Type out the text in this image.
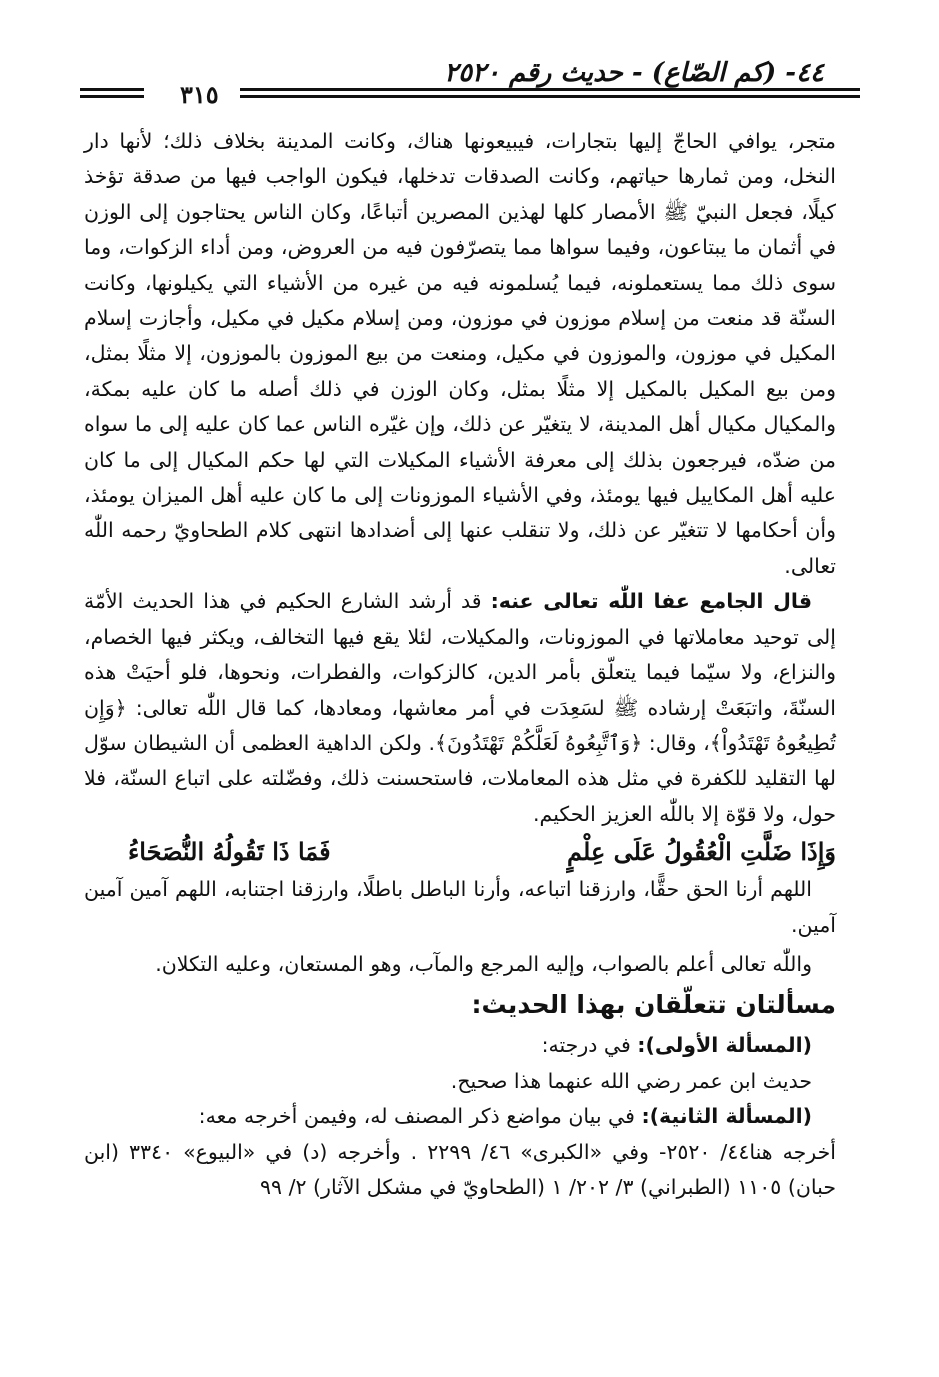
٤٤- (كم الصّاع) - حديث رقم ٢٥٢٠
٣١٥

متجر، يوافي الحاجّ إليها بتجارات، فيبيعونها هناك، وكانت المدينة بخلاف ذلك؛ لأنها دار النخل، ومن ثمارها حياتهم، وكانت الصدقات تدخلها، فيكون الواجب فيها من صدقة تؤخذ كيلًا، فجعل النبيّ ﷺ الأمصار كلها لهذين المصرين أتباعًا، وكان الناس يحتاجون إلى الوزن في أثمان ما يبتاعون، وفيما سواها مما يتصرّفون فيه من العروض، ومن أداء الزكوات، وما سوى ذلك مما يستعملونه، فيما يُسلمونه فيه من غيره من الأشياء التي يكيلونها، وكانت السنّة قد منعت من إسلام موزون في موزون، ومن إسلام مكيل في مكيل، وأجازت إسلام المكيل في موزون، والموزون في مكيل، ومنعت من بيع الموزون بالموزون، إلا مثلًا بمثل، ومن بيع المكيل بالمكيل إلا مثلًا بمثل، وكان الوزن في ذلك أصله ما كان عليه بمكة، والمكيال مكيال أهل المدينة، لا يتغيّر عن ذلك، وإن غيّره الناس عما كان عليه إلى ما سواه من ضدّه، فيرجعون بذلك إلى معرفة الأشياء المكيلات التي لها حكم المكيال إلى ما كان عليه أهل المكاييل فيها يومئذ، وفي الأشياء الموزونات إلى ما كان عليه أهل الميزان يومئذ، وأن أحكامها لا تتغيّر عن ذلك، ولا تنقلب عنها إلى أضدادها انتهى كلام الطحاويّ رحمه اللّٰه تعالى.

قال الجامع عفا اللّٰه تعالى عنه: قد أرشد الشارع الحكيم في هذا الحديث الأمّة إلى توحيد معاملاتها في الموزونات، والمكيلات، لئلا يقع فيها التخالف، ويكثر فيها الخصام، والنزاع، ولا سيّما فيما يتعلّق بأمر الدين، كالزكوات، والفطرات، ونحوها، فلو أحيَتْ هذه السنّةَ، واتبَعَتْ إرشاده ﷺ لسَعِدَت في أمر معاشها، ومعادها، كما قال اللّٰه تعالى: ﴿وَإِن تُطِيعُوهُ تَهْتَدُواْ﴾، وقال: ﴿وَٱتَّبِعُوهُ لَعَلَّكُمْ تَهْتَدُونَ﴾. ولكن الداهية العظمى أن الشيطان سوّل لها التقليد للكفرة في مثل هذه المعاملات، فاستحسنت ذلك، وفضّلته على اتباع السنّة، فلا حول، ولا قوّة إلا باللّٰه العزيز الحكيم.

وَإِذَا ضَلَّتِ الْعُقُولُ عَلَى عِلْمٍ
فَمَا ذَا تَقُولُهُ النُّصَحَاءُ

اللهم أرنا الحق حقًّا، وارزقنا اتباعه، وأرنا الباطل باطلًا، وارزقنا اجتنابه، اللهم آمين آمين آمين.

واللّٰه تعالى أعلم بالصواب، وإليه المرجع والمآب، وهو المستعان، وعليه التكلان.

مسألتان تتعلّقان بهذا الحديث:

(المسألة الأولى): في درجته:

حديث ابن عمر رضي الله عنهما هذا صحيح.

(المسألة الثانية): في بيان مواضع ذكر المصنف له، وفيمن أخرجه معه:

أخرجه هنا٤٤/ ٢٥٢٠- وفي «الكبرى» ٤٦/ ٢٢٩٩ . وأخرجه (د) في «البيوع» ٣٣٤٠ (ابن حبان) ١١٠٥ (الطبراني) ٣/ ٢٠٢/ ١ (الطحاويّ في مشكل الآثار) ٢/ ٩٩
